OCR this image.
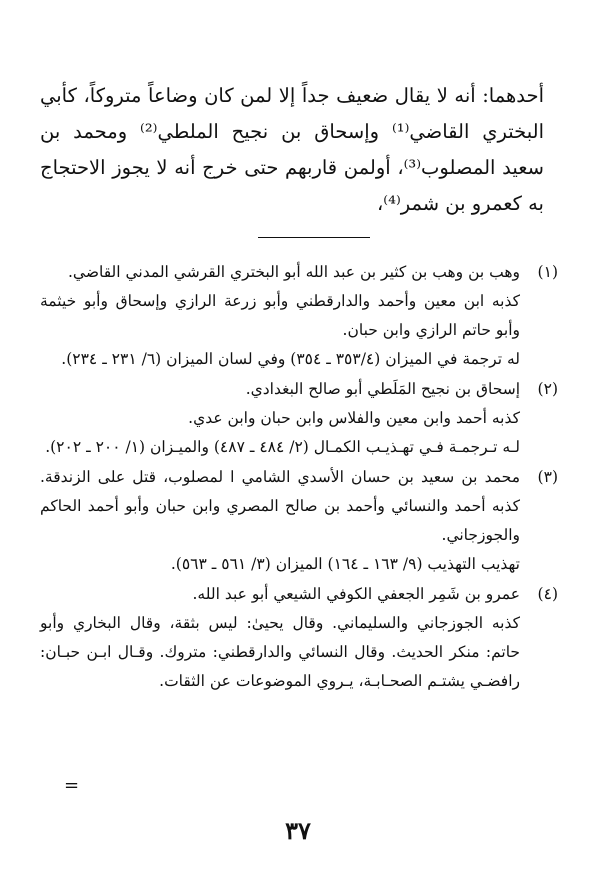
أحدهما: أنه لا يقال ضعيف جداً إلا لمن كان وضاعاً متروكاً، كأبي البختري القاضي⁽¹⁾ وإسحاق بن نجيح الملطي⁽²⁾ ومحمد بن سعيد المصلوب⁽³⁾، أولمن قاربهم حتى خرج أنه لا يجوز الاحتجاج به كعمرو بن شمر⁽⁴⁾،

(١)

وهب بن وهب بن كثير بن عبد الله أبو البختري القرشي المدني القاضي.

كذبه ابن معين وأحمد والدارقطني وأبو زرعة الرازي وإسحاق وأبو خيثمة وأبو حاتم الرازي وابن حبان.

له ترجمة في الميزان (٣٥٣/٤ ـ ٣٥٤) وفي لسان الميزان (٦/ ٢٣١ ـ ٢٣٤).

(٢)

إسحاق بن نجيح المَلَطي أبو صالح البغدادي.

كذبه أحمد وابن معين والفلاس وابن حبان وابن عدي.

لـه تـرجمـة فـي تهـذيـب الكمـال (٢/ ٤٨٤ ـ ٤٨٧) والميـزان (١/ ٢٠٠ ـ ٢٠٢).

(٣)

محمد بن سعيد بن حسان الأسدي الشامي ا لمصلوب، قتل على الزندقة. كذبه أحمد والنسائي وأحمد بن صالح المصري وابن حبان وأبو أحمد الحاكم والجوزجاني.

تهذيب التهذيب (٩/ ١٦٣ ـ ١٦٤) الميزان (٣/ ٥٦١ ـ ٥٦٣).

(٤)

عمرو بن شَمِر الجعفي الكوفي الشيعي أبو عبد الله.

كذبه الجوزجاني والسليماني. وقال يحيىٰ: ليس بثقة، وقال البخاري وأبو حاتم: منكر الحديث. وقال النسائي والدارقطني: متروك. وقـال ابـن حبـان: رافضـي يشتـم الصحـابـة، يـروي الموضوعات عن الثقات.

=
٣٧
